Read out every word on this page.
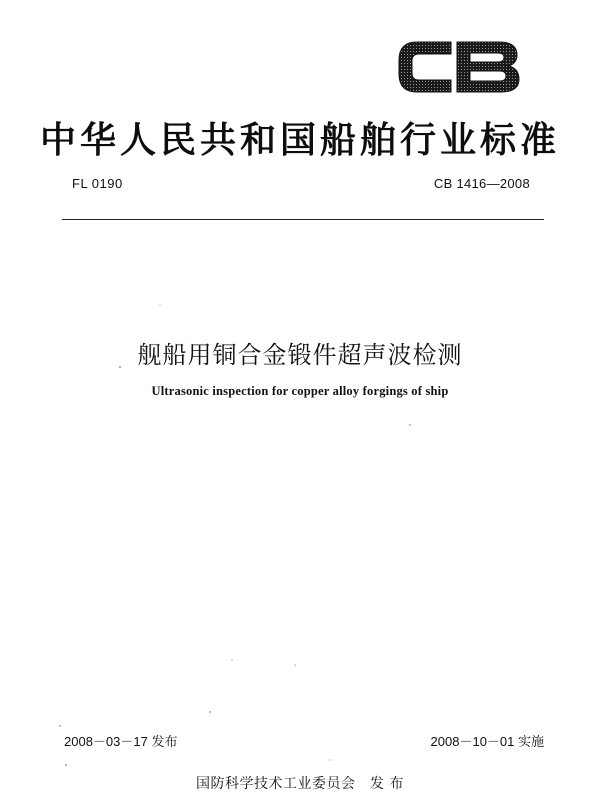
中华人民共和国船舶行业标准
FL 0190	CB 1416—2008
舰船用铜合金锻件超声波检测
Ultrasonic inspection for copper alloy forgings of ship
2008－03－17 发布	2008－10－01 实施
国防科学技术工业委员会　发 布
